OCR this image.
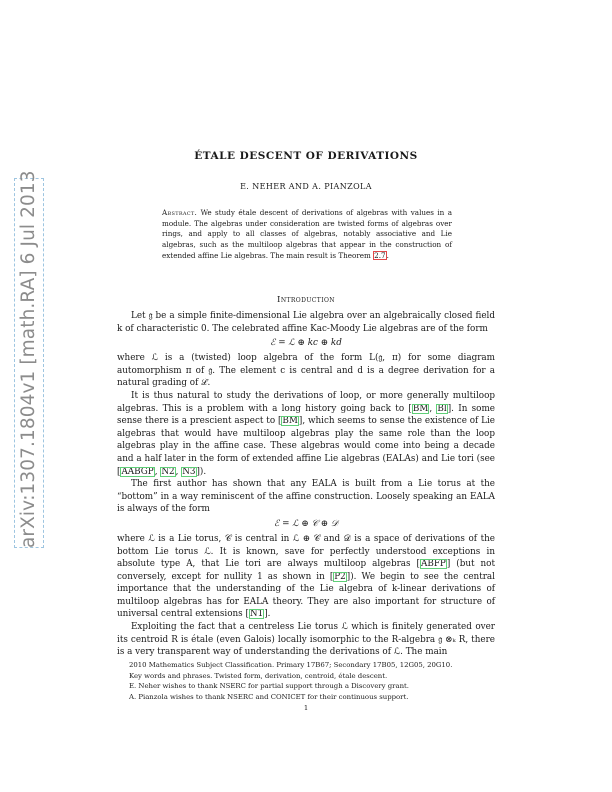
arXiv:1307.1804v1 [math.RA] 6 Jul 2013
ÉTALE DESCENT OF DERIVATIONS
E. NEHER AND A. PIANZOLA
Abstract. We study étale descent of derivations of algebras with values in a module. The algebras under consideration are twisted forms of algebras over rings, and apply to all classes of algebras, notably associative and Lie algebras, such as the multiloop algebras that appear in the construction of extended affine Lie algebras. The main result is Theorem 2.7.
Introduction

Let 𝔤 be a simple finite-dimensional Lie algebra over an algebraically closed field k of characteristic 0. The celebrated affine Kac-Moody Lie algebras are of the form

ℰ = ℒ ⊕ kc ⊕ kd

where ℒ is a (twisted) loop algebra of the form L(𝔤, π) for some diagram automorphism π of 𝔤. The element c is central and d is a degree derivation for a natural grading of ℒ.

It is thus natural to study the derivations of loop, or more generally multiloop algebras. This is a problem with a long history going back to [BM, Bl]. In some sense there is a prescient aspect to [BM], which seems to sense the existence of Lie algebras that would have multiloop algebras play the same role than the loop algebras play in the affine case. These algebras would come into being a decade and a half later in the form of extended affine Lie algebras (EALAs) and Lie tori (see [AABGP, N2, N3]).

The first author has shown that any EALA is built from a Lie torus at the “bottom” in a way reminiscent of the affine construction. Loosely speaking an EALA is always of the form

ℰ = ℒ ⊕ 𝒞 ⊕ 𝒟

where ℒ is a Lie torus, 𝒞 is central in ℒ ⊕ 𝒞 and 𝒟 is a space of derivations of the bottom Lie torus ℒ. It is known, save for perfectly understood exceptions in absolute type A, that Lie tori are always multiloop algebras [ABFP] (but not conversely, except for nullity 1 as shown in [P2]). We begin to see the central importance that the understanding of the Lie algebra of k-linear derivations of multiloop algebras has for EALA theory. They are also important for structure of universal central extensions [N1].

Exploiting the fact that a centreless Lie torus ℒ which is finitely generated over its centroid R is étale (even Galois) locally isomorphic to the R-algebra 𝔤 ⊗ₖ R, there is a very transparent way of understanding the derivations of ℒ. The main

2010 Mathematics Subject Classification. Primary 17B67; Secondary 17B05, 12G05, 20G10.

Key words and phrases. Twisted form, derivation, centroid, étale descent.

E. Neher wishes to thank NSERC for partial support through a Discovery grant.

A. Pianzola wishes to thank NSERC and CONICET for their continuous support.

1
